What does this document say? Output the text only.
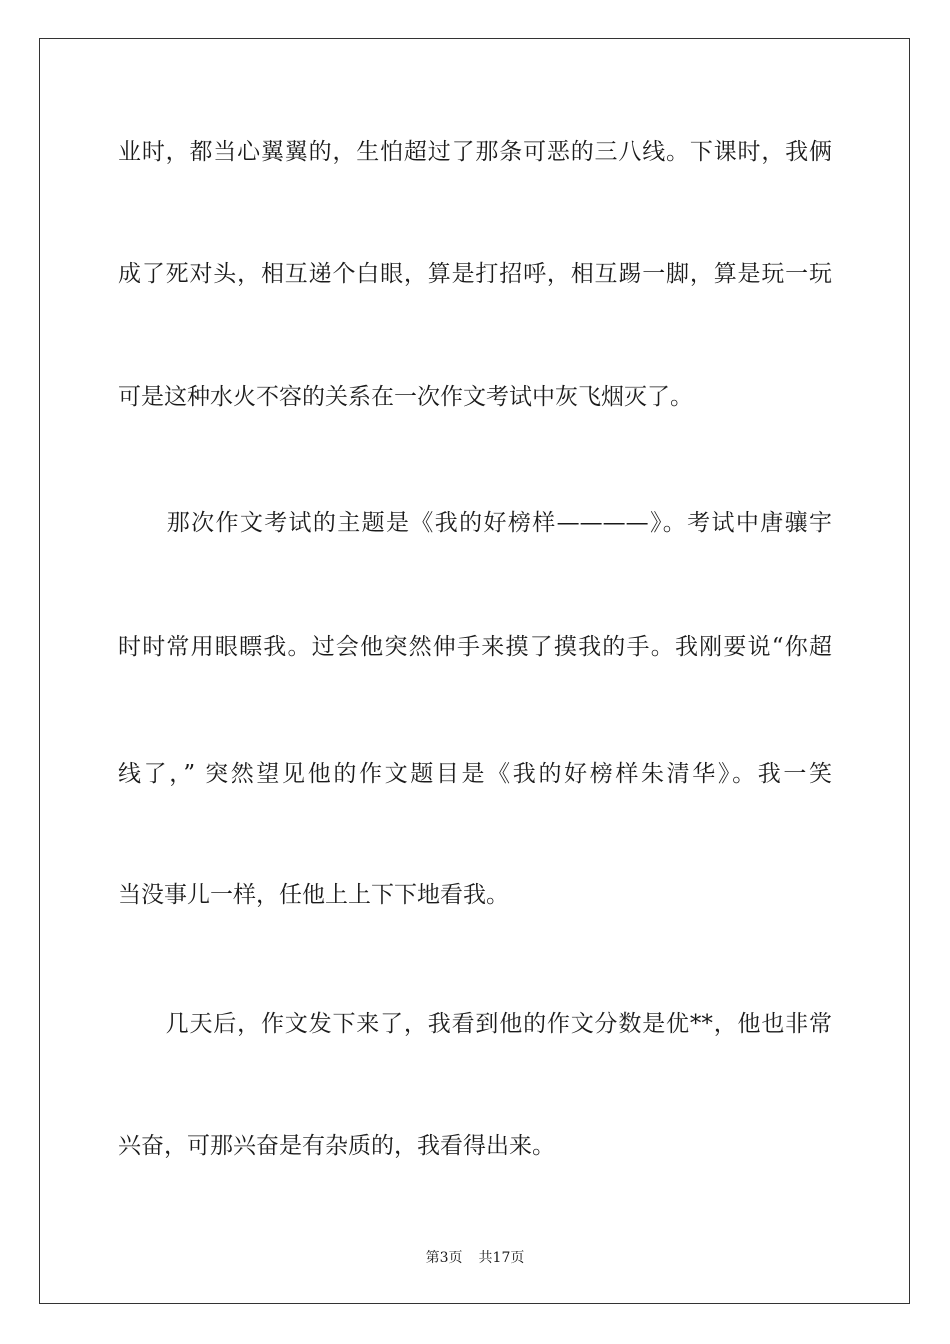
业时，都当心翼翼的，生怕超过了那条可恶的三八线。下课时，我俩
成了死对头，相互递个白眼，算是打招呼，相互踢一脚，算是玩一玩
可是这种水火不容的关系在一次作文考试中灰飞烟灭了。
　　那次作文考试的主题是《我的好榜样————》。考试中唐骧宇
时时常用眼瞟我。过会他突然伸手来摸了摸我的手。我刚要说“你超
线了，” 突然望见他的作文题目是《我的好榜样朱清华》。我一笑
当没事儿一样，任他上上下下地看我。
　　几天后，作文发下来了，我看到他的作文分数是优**，他也非常
兴奋，可那兴奋是有杂质的，我看得出来。
第3页 共17页
